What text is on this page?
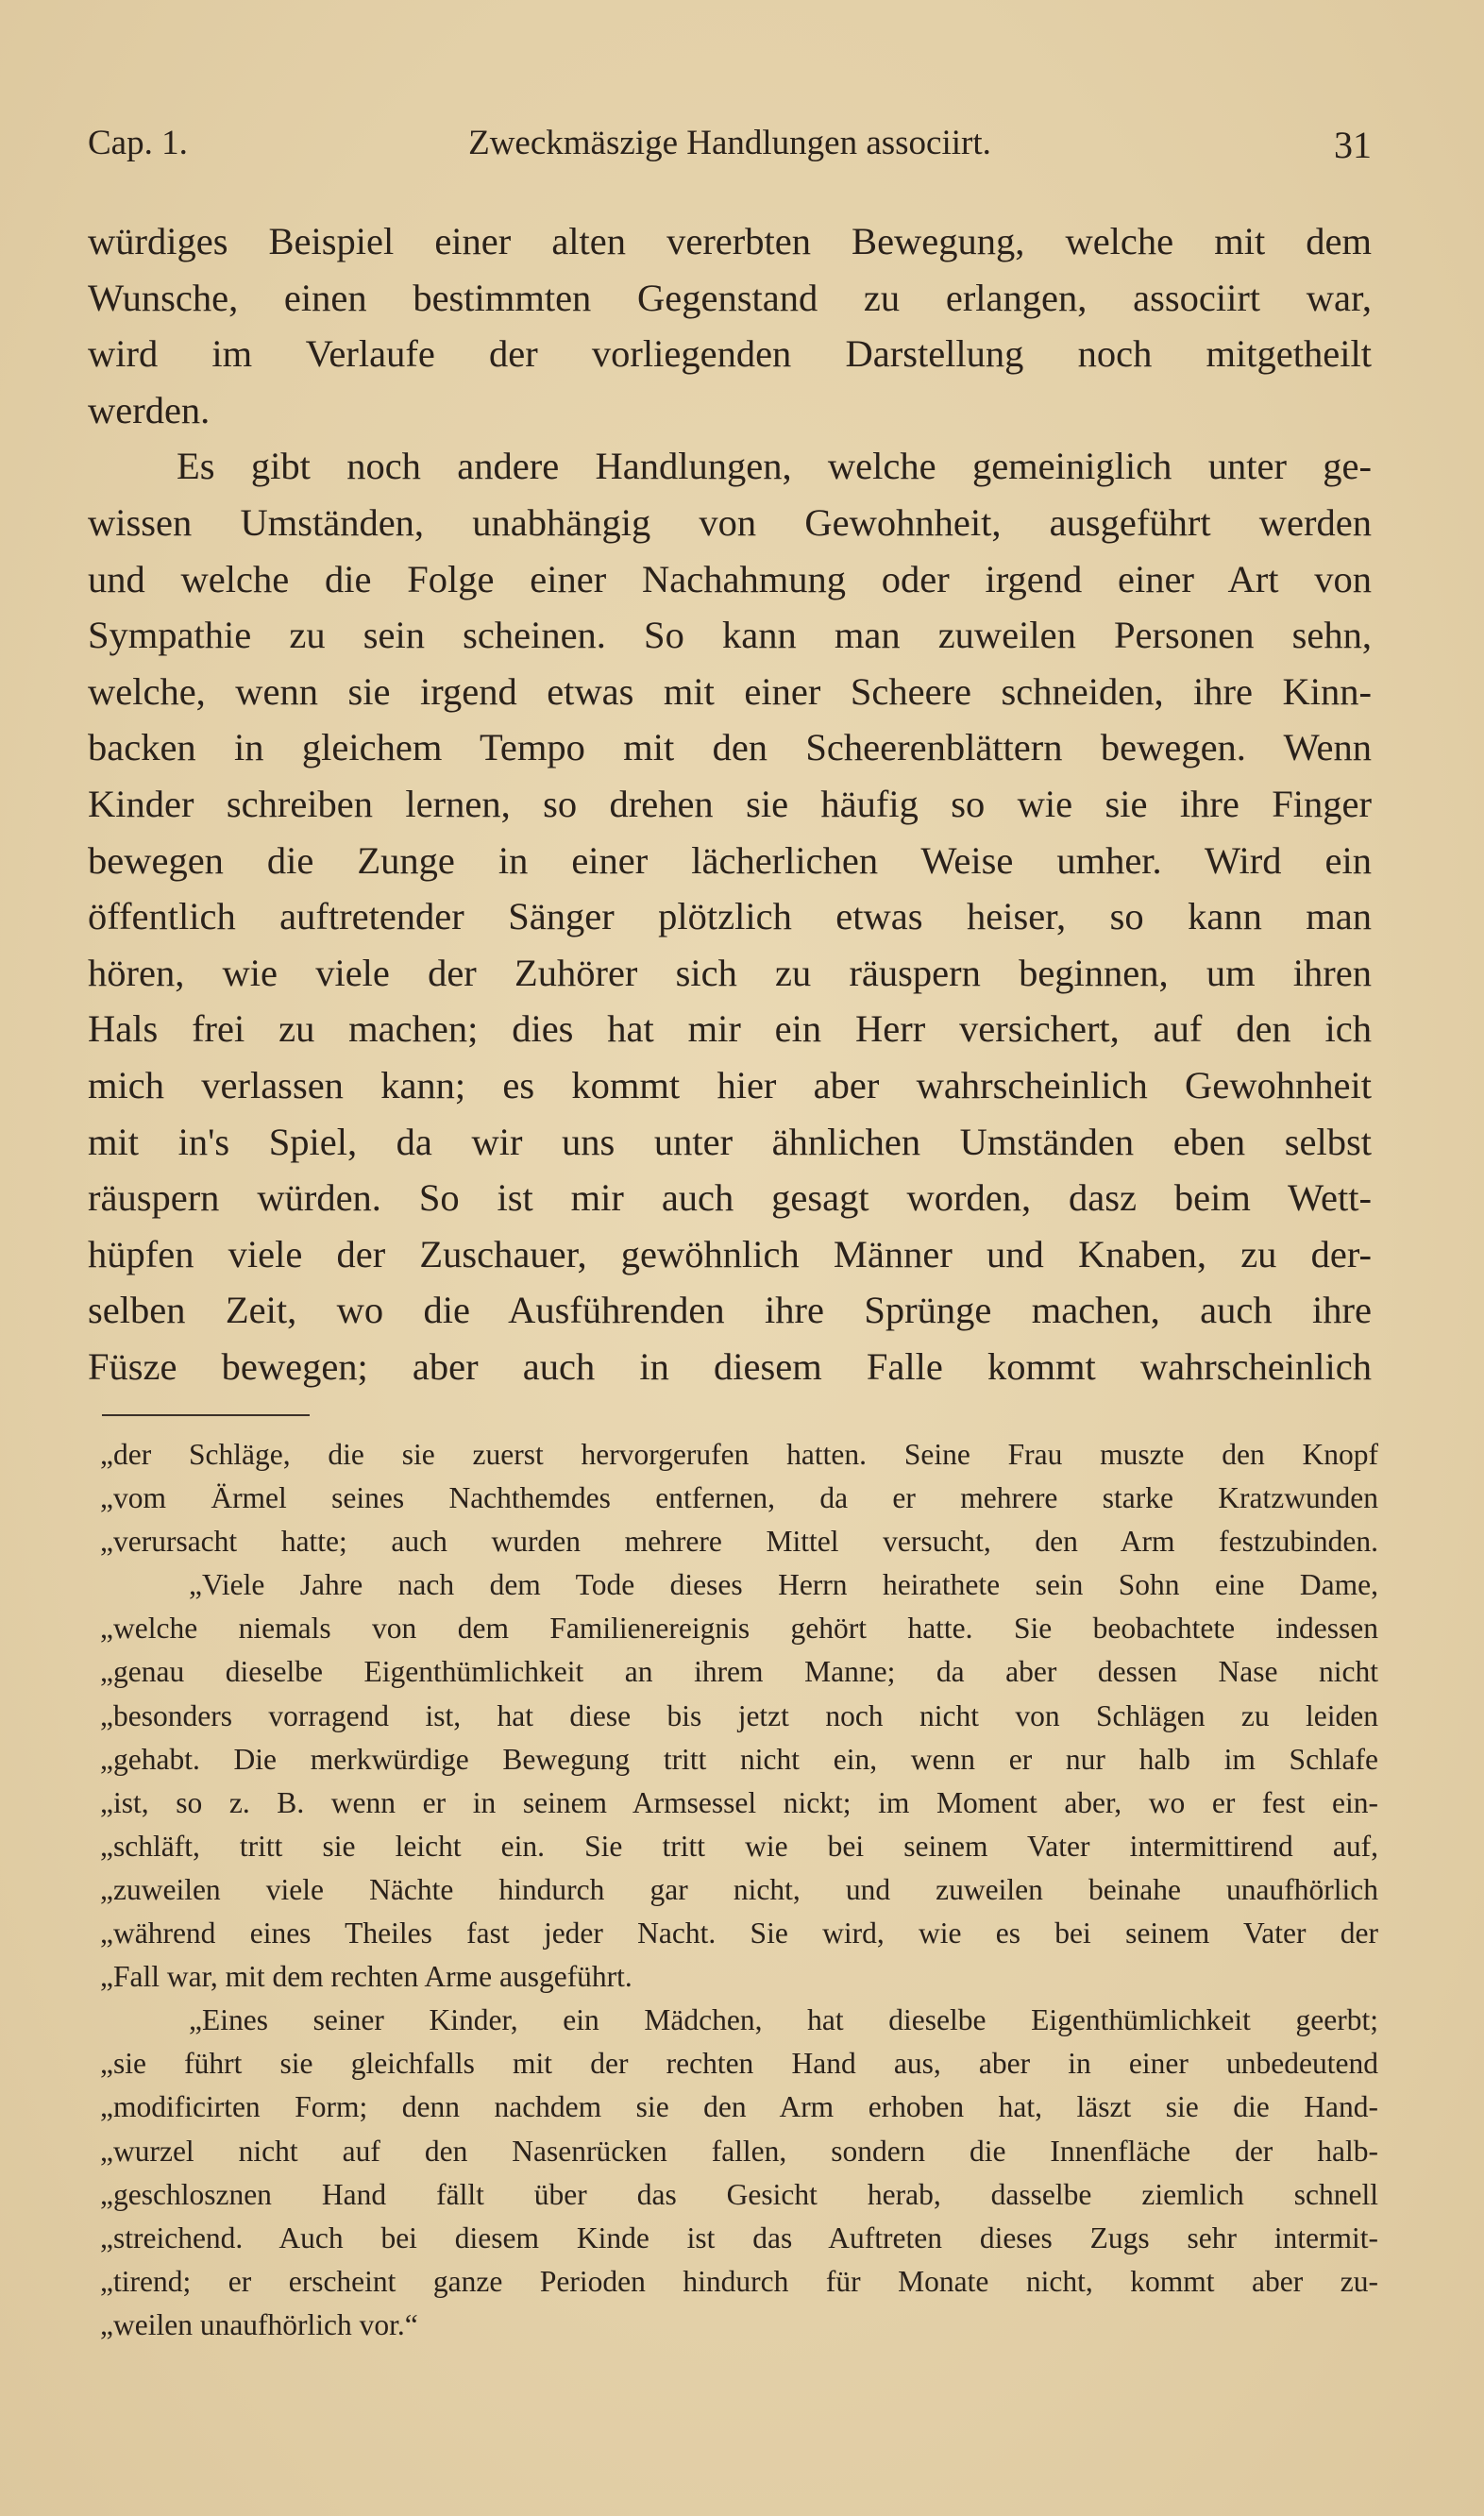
Cap. 1.	Zweckmäszige Handlungen associirt.	31
würdiges Beispiel einer alten vererbten Bewegung, welche mit dem
Wunsche, einen bestimmten Gegenstand zu erlangen, associirt war,
wird im Verlaufe der vorliegenden Darstellung noch mitgetheilt
werden.
Es gibt noch andere Handlungen, welche gemeiniglich unter ge-
wissen Umständen, unabhängig von Gewohnheit, ausgeführt werden
und welche die Folge einer Nachahmung oder irgend einer Art von
Sympathie zu sein scheinen. So kann man zuweilen Personen sehn,
welche, wenn sie irgend etwas mit einer Scheere schneiden, ihre Kinn-
backen in gleichem Tempo mit den Scheerenblättern bewegen. Wenn
Kinder schreiben lernen, so drehen sie häufig so wie sie ihre Finger
bewegen die Zunge in einer lächerlichen Weise umher. Wird ein
öffentlich auftretender Sänger plötzlich etwas heiser, so kann man
hören, wie viele der Zuhörer sich zu räuspern beginnen, um ihren
Hals frei zu machen; dies hat mir ein Herr versichert, auf den ich
mich verlassen kann; es kommt hier aber wahrscheinlich Gewohnheit
mit in's Spiel, da wir uns unter ähnlichen Umständen eben selbst
räuspern würden. So ist mir auch gesagt worden, dasz beim Wett-
hüpfen viele der Zuschauer, gewöhnlich Männer und Knaben, zu der-
selben Zeit, wo die Ausführenden ihre Sprünge machen, auch ihre
Füsze bewegen; aber auch in diesem Falle kommt wahrscheinlich
„der Schläge, die sie zuerst hervorgerufen hatten. Seine Frau muszte den Knopf
„vom Ärmel seines Nachthemdes entfernen, da er mehrere starke Kratzwunden
„verursacht hatte; auch wurden mehrere Mittel versucht, den Arm festzubinden.
„Viele Jahre nach dem Tode dieses Herrn heirathete sein Sohn eine Dame,
„welche niemals von dem Familienereignis gehört hatte. Sie beobachtete indessen
„genau dieselbe Eigenthümlichkeit an ihrem Manne; da aber dessen Nase nicht
„besonders vorragend ist, hat diese bis jetzt noch nicht von Schlägen zu leiden
„gehabt. Die merkwürdige Bewegung tritt nicht ein, wenn er nur halb im Schlafe
„ist, so z. B. wenn er in seinem Armsessel nickt; im Moment aber, wo er fest ein-
„schläft, tritt sie leicht ein. Sie tritt wie bei seinem Vater intermittirend auf,
„zuweilen viele Nächte hindurch gar nicht, und zuweilen beinahe unaufhörlich
„während eines Theiles fast jeder Nacht. Sie wird, wie es bei seinem Vater der
„Fall war, mit dem rechten Arme ausgeführt.
„Eines seiner Kinder, ein Mädchen, hat dieselbe Eigenthümlichkeit geerbt;
„sie führt sie gleichfalls mit der rechten Hand aus, aber in einer unbedeutend
„modificirten Form; denn nachdem sie den Arm erhoben hat, läszt sie die Hand-
„wurzel nicht auf den Nasenrücken fallen, sondern die Innenfläche der halb-
„geschlosznen Hand fällt über das Gesicht herab, dasselbe ziemlich schnell
„streichend. Auch bei diesem Kinde ist das Auftreten dieses Zugs sehr intermit-
„tirend; er erscheint ganze Perioden hindurch für Monate nicht, kommt aber zu-
„weilen unaufhörlich vor.“
